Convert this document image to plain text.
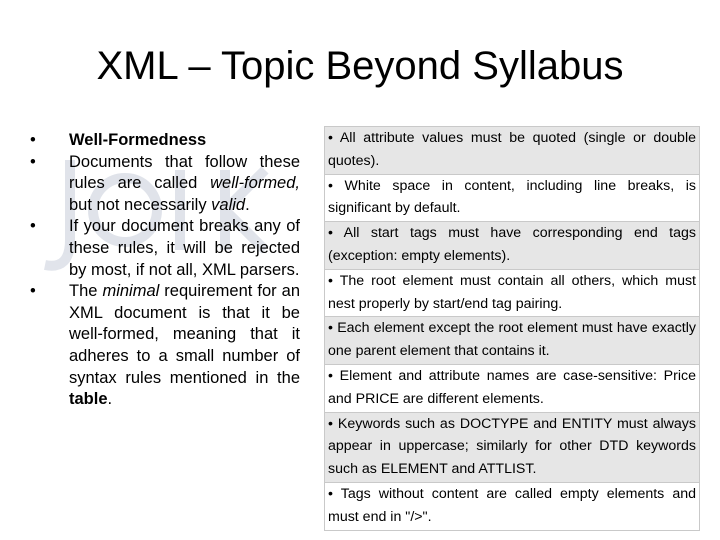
XML – Topic Beyond Syllabus
• Well-Formedness
• Documents that follow these rules are called well-formed, but not necessarily valid.
• If your document breaks any of these rules, it will be rejected by most, if not all, XML parsers.
• The minimal requirement for an XML document is that it be well-formed, meaning that it adheres to a small number of syntax rules mentioned in the table.
• All attribute values must be quoted (single or double quotes).
• White space in content, including line breaks, is significant by default.
• All start tags must have corresponding end tags (exception: empty elements).
• The root element must contain all others, which must nest properly by start/end tag pairing.
• Each element except the root element must have exactly one parent element that contains it.
• Element and attribute names are case-sensitive: Price and PRICE are different elements.
• Keywords such as DOCTYPE and ENTITY must always appear in uppercase; similarly for other DTD keywords such as ELEMENT and ATTLIST.
• Tags without content are called empty elements and must end in "/>".
